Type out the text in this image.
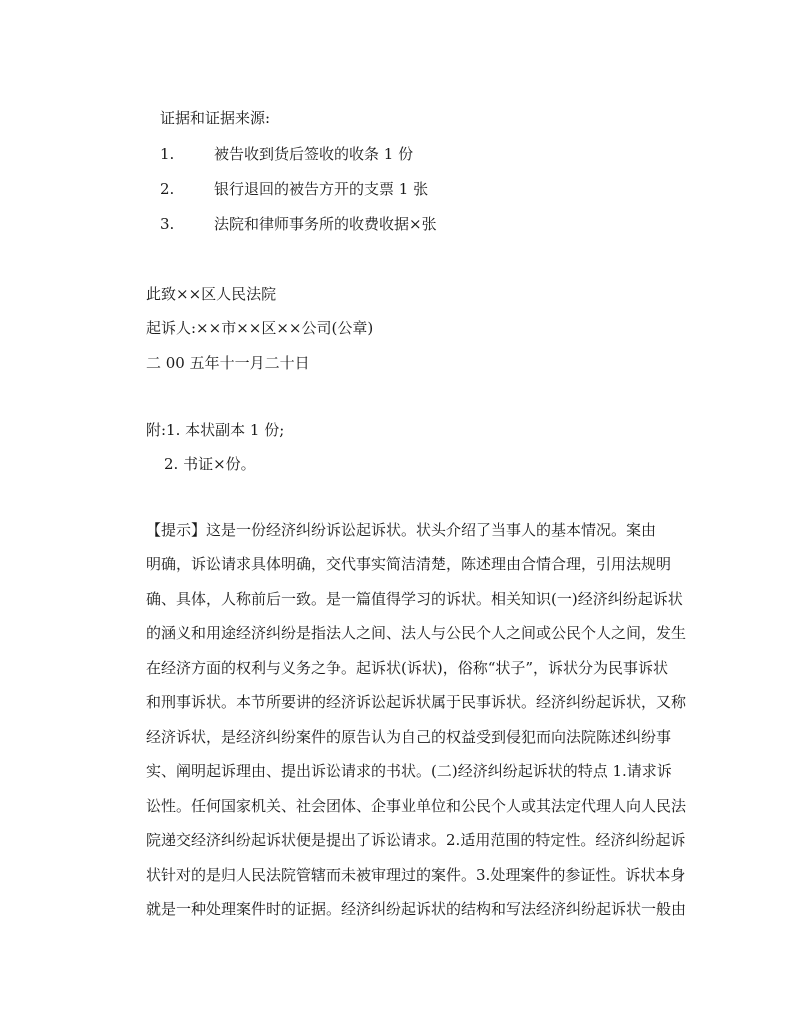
证据和证据来源:
1.	被告收到货后签收的收条 1 份
2.	银行退回的被告方开的支票 1 张
3.	法院和律师事务所的收费收据×张
此致××区人民法院
起诉人:××市××区××公司(公章)
二 00 五年十一月二十日
附:1. 本状副本 1 份;
2. 书证×份。
【提示】这是一份经济纠纷诉讼起诉状。状头介绍了当事人的基本情况。案由
明确，诉讼请求具体明确，交代事实简洁清楚，陈述理由合情合理，引用法规明
确、具体，人称前后一致。是一篇值得学习的诉状。相关知识(一)经济纠纷起诉状
的涵义和用途经济纠纷是指法人之间、法人与公民个人之间或公民个人之间，发生
在经济方面的权利与义务之争。起诉状(诉状)，俗称“状子”，诉状分为民事诉状
和刑事诉状。本节所要讲的经济诉讼起诉状属于民事诉状。经济纠纷起诉状，又称
经济诉状，是经济纠纷案件的原告认为自己的权益受到侵犯而向法院陈述纠纷事
实、阐明起诉理由、提出诉讼请求的书状。(二)经济纠纷起诉状的特点 1.请求诉
讼性。任何国家机关、社会团体、企事业单位和公民个人或其法定代理人向人民法
院递交经济纠纷起诉状便是提出了诉讼请求。2.适用范围的特定性。经济纠纷起诉
状针对的是归人民法院管辖而未被审理过的案件。3.处理案件的参证性。诉状本身
就是一种处理案件时的证据。经济纠纷起诉状的结构和写法经济纠纷起诉状一般由
